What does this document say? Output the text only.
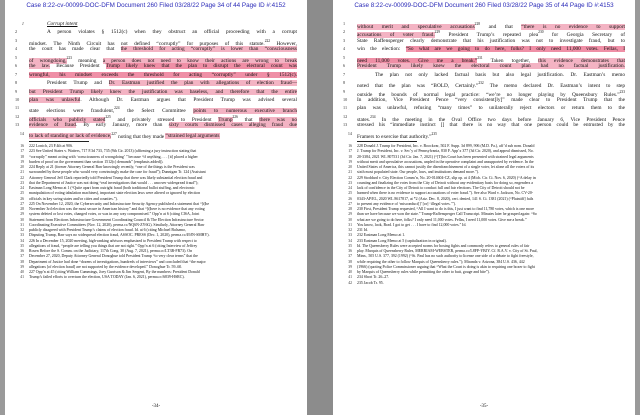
Case 8:22-cv-00099-DOC-DFM Document 260 Filed 03/28/22 Page 34 of 44 Page ID #:4152
1	Corrupt intent
2	A person violates § 1512(c) when they obstruct an official proceeding with a corrupt
3
mindset. The Ninth Circuit has not defined “corruptly” for purposes of this statute.$^{222}$ However,
4	the court has made clear that the threshold for acting “corruptly” is lower than “consciousness
5
of wrongdoing,$^{223}$ meaning a person does not need to know their actions are wrong to break
6	the law. Because President Trump likely knew that the plan to disrupt the electoral count was
7	wrongful, his mindset exceeds the threshold for acting “corruptly” under § 1512(c).
8	President Trump and Dr. Eastman justified the plan with allegations of election fraud—
9	but President Trump likely knew the justification was baseless, and therefore that the entire
10	plan was unlawful. Although Dr. Eastman argues that President Trump was advised several
11
state elections were fraudulent,$^{224}$ the Select Committee points to numerous executive branch
12
officials who publicly stated$^{225}$ and privately stressed to President Trump$^{226}$ that there was no
13	evidence of fraud. By early January, more than sixty courts dismissed cases alleging fraud due
14
to lack of standing or lack of evidence,$^{227}$ noting that they made “strained legal arguments
16 222 Lonich, 23 F.4th at 906.
17 223 See United States v. Watters, 717 F.3d 733, 735 (9th Cir. 2013) (affirming a jury instruction stating that
18 “corruptly” meant acting with ‘consciousness of wrongdoing’ ” because “if anything, . . . [it] placed a higher
19 burden of proof on the government than section 1512(c) demands” (emphasis added)).
20 224 Reply at 21 (former Attorney General Barr knowingly recently, “one of the things is the President was
21 surrounded by these people who would very convincingly make the case for fraud”); Dunnigan Tr. 124 (Assistant
22 Attorney General Jeff Clark reportedly told President Trump that there was likely substantial election fraud and
23 that the Department of Justice was not doing “real investigations that would . . . uncover widespread fraud”);
24 Eastman Long Memo at 1 (“Quite apart from outright fraud (both traditional ballot stuffing, and electronic
25 manipulation of voting tabulation machines), important state election laws were altered or ignored by election
26 officials in key swing states and/or cities and counties.”).
27 225 On November 12, 2020, the Cybersecurity and Infrastructure Security Agency published a statement that “[t]he
28 November 3rd election was the most secure in American history” and that “[t]here is no evidence that any voting
29 system deleted or lost votes, changed votes, or was in any way compromised.” Opp’n at 6 (citing CISA, Joint
30 Statement from Elections Infrastructure Government Coordinating Council & The Election Infrastructure Sector
31 Coordinating Executive Committees (Nov. 12, 2020), perma.cc/NQ6N-ZY6G). Similarly, Attorney General Barr
32 publicly disagreed with President Trump’s claims of election fraud. Id. at 6 (citing Michael Balsamo,
33 Disputing Trump, Barr says no widespread election fraud, ASSOC. PRESS (Dec. 1, 2020), perma.cc/49JN-SMHY).
34 226 In a December 15, 2020 meeting, high-ranking advisors emphasized to President Trump with respect to
35 allegations of fraud, “people are telling you things that are not right.” Opp’n at 6 (citing Interview of Jeffrey
36 Rosen Before the S. Comm. on the Judiciary, 117th Cong. 30 (Aug. 7, 2021), perma.cc/LT3B-FR73). On
37 December 27, 2020, Deputy Attorney General Donoghue told President Trump “to very clear terms” that the
38 Department of Justice had done “dozens of investigations, hundreds of interviews” and concluded that “the major
39 allegations [of election fraud] are not supported by the evidence developed.” Donoghue Tr. 59–60.
40 227 Opp’n at 45 (citing William Cummings, Joey Garrison & Jim Sergent, By the numbers: President Donald
41 Trump’s failed efforts to overturn the election, USA TODAY (Jan. 6, 2021), perma.cc/6839-HSRC).
-34-
Case 8:22-cv-00099-DOC-DFM Document 260 Filed 03/28/22 Page 35 of 44 Page ID #:4153
1
without merit and speculative accusations$^{228}$ and that “there is no evidence to support
2
accusations of voter fraud.$^{229}$ President Trump’s repeated plea$^{230}$ for Georgia Secretary of
3	State Raffensperger clearly demonstrate that his justification was not to investigate fraud, but to
4	win the election: “So what are we going to do here, folks? I only need 11,000 votes. Fellas, I
5
need 11,000 votes. Give me a break.”$^{231}$ Taken together, this evidence demonstrates that
6	President Trump likely knew the electoral count plan had no factual justification.
7	The plan not only lacked factual basis but also legal justification. Dr. Eastman’s memo
8
noted that the plan was “BOLD, Certainly.”$^{232}$ The memo declared Dr. Eastman’s intent to step
9
outside the bounds of normal legal practice: “we’re no longer playing by Queensbury Rules.”$^{233}$
10	In addition, Vice President Pence “very consistent[ly]” made clear to President Trump that the
11	plan was unlawful, refusing “many times” to unilaterally reject electors or return them to the
12
states.$^{234}$ In the meeting in the Oval Office two days before January 6, Vice President Pence
13	stressed his “immediate instinct [] that there is no way that one person could be entrusted by the
14
Framers to exercise that authority.”$^{235}$
16 228 Donald J. Trump for President, Inc. v. Boockvar, 502 F. Supp. 3d 899, 906 (M.D. Pa.), aff’d sub nom. Donald
17 J. Trump for President, Inc. v. Sec’y of Pennsylvania, 830 F. App’x 377 (3d Cir. 2020), and appeal dismissed, No.
18 20-3384, 2021 WL 807531 (3d Cir. Jan. 7, 2021) (“[T]his Court has been presented with strained legal arguments
19 without merit and speculative accusations, unpled in the operative complaint and unsupported by evidence. In the
20 United States of America, this cannot justify the disenfranchisement of a single voter, let alone all the voters of its
21 sixth most populated state. Our people, laws, and institutions demand more.”).
22 229 Stoddard v. City Election Comm’n, No. 20-014604-CZ, slip op. at 4 (Mich. Cir. Ct. Nov. 6, 2020) (“A delay in
23 counting and finalizing the votes from the City of Detroit without any evidentiary basis for doing so, engenders a
24 lack of confidence in the City of Detroit to conduct full and fair elections. The City of Detroit should not be
25 harmed when there is no evidence to support accusations of voter fraud.”). See also Ward v. Jackson, No. CV-20-
26 0343-AP/EL, 2020 WL 8617817, at *2 (Ariz. Dec. 8, 2020), cert. denied, 141 S. Ct. 1381 (2021) (“Plaintiff] fails
27 to present any evidence of ‘misconduct[]’ [or] ‘illegal votes.’”).
28 230 First, President Trump requested, “All I want to do is this, I just want to find 11,780 votes, which is one more
29 than we have because we won the state.” Trump-Raffensperger Call Transcript. Minutes later he grasped again: “So
30 what are we going to do here, folks? I only need 11,000 votes. Fellas, I need 11,000 votes. Give me a break.”
31 You know, look, Brad. I got to get . . . I have to find 12,000 votes.” Id.
32 231 Id.
33 232 Eastman Long Memo at 1.
34 233 Eastman Long Memo at 5 (capitalization in original).
35 Id. The Queensberry Rules were accepted norms for boxing fights and commonly refers to general rules of fair
36 play. Marquis of Queensberry Rules, MERRIAM-WEBSTER, perma.cc/L8FP-YBJY. Cf. R.A.V. v. City of St. Paul,
37 Minn., 505 U.S. 377, 392 (1992) (“St. Paul has no such authority to license one side of a debate to fight freestyle,
38 while requiring the other to follow Marquis of Queensberry rules.”); Miranda v. Arizona, 384 U.S. 436, 442
39 (1966) (quoting Police Commissioner arguing that “What the Court is doing is akin to requiring one boxer to fight
40 by Marquis of Queensberry rules while permitting the other to butt, gouge and bite”).
41 234 Short Tr. 26–27.
42 235 Jacob Tr. 95.
-35-
